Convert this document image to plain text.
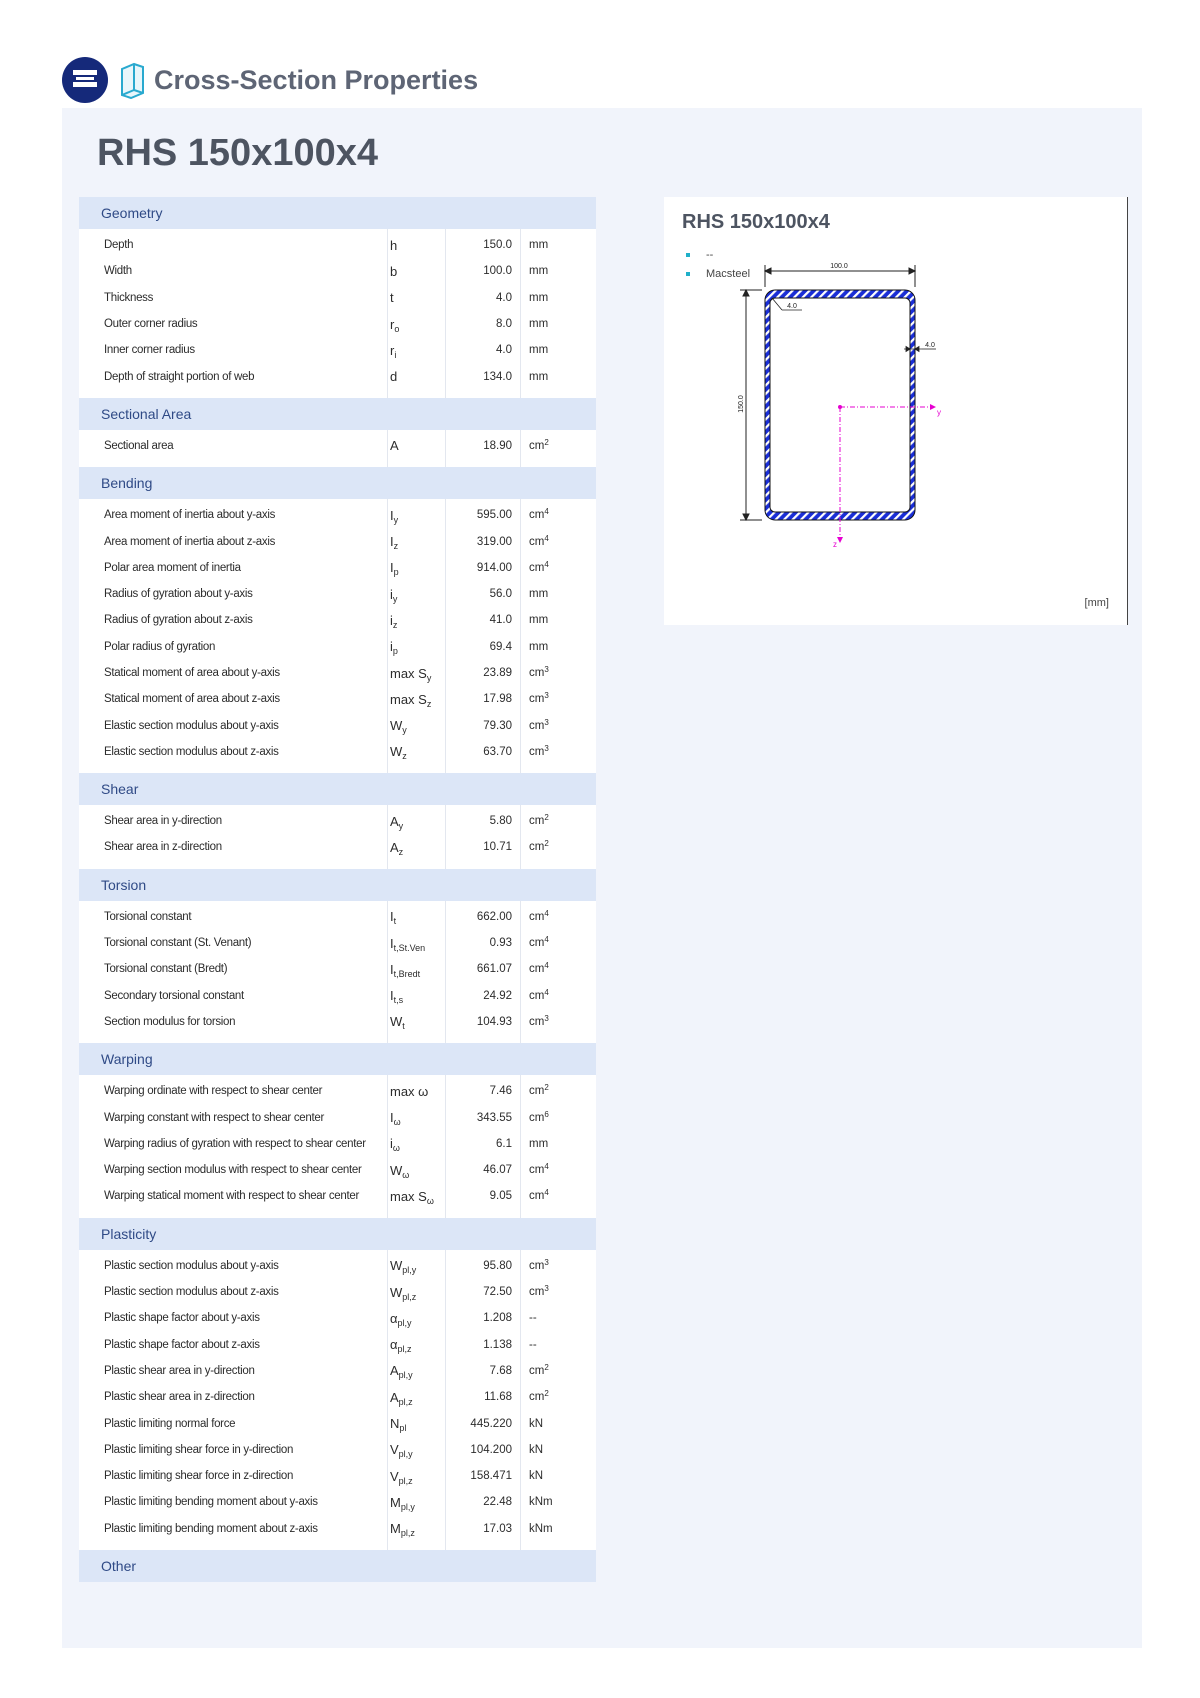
Cross-Section Properties
RHS 150x100x4
Geometry
Depth	h	150.0	mm
Width	b	100.0	mm
Thickness	t	4.0	mm
Outer corner radius	$r_o$	8.0	mm
Inner corner radius	$r_i$	4.0	mm
Depth of straight portion of web	d	134.0	mm
Sectional Area
Sectional area	A	18.90	$cm^2$
Bending
Area moment of inertia about y-axis	$I_y$	595.00	$cm^4$
Area moment of inertia about z-axis	$I_z$	319.00	$cm^4$
Polar area moment of inertia	$I_p$	914.00	$cm^4$
Radius of gyration about y-axis	$i_y$	56.0	mm
Radius of gyration about z-axis	$i_z$	41.0	mm
Polar radius of gyration	$i_p$	69.4	mm
Statical moment of area about y-axis	$\max S_y$	23.89	$cm^3$
Statical moment of area about z-axis	$\max S_z$	17.98	$cm^3$
Elastic section modulus about y-axis	$W_y$	79.30	$cm^3$
Elastic section modulus about z-axis	$W_z$	63.70	$cm^3$
Shear
Shear area in y-direction	$A_y$	5.80	$cm^2$
Shear area in z-direction	$A_z$	10.71	$cm^2$
Torsion
Torsional constant	$I_t$	662.00	$cm^4$
Torsional constant (St. Venant)	$I_{t,St.Ven}$	0.93	$cm^4$
Torsional constant (Bredt)	$I_{t,Bredt}$	661.07	$cm^4$
Secondary torsional constant	$I_{t,s}$	24.92	$cm^4$
Section modulus for torsion	$W_t$	104.93	$cm^3$
Warping
Warping ordinate with respect to shear center	max ω	7.46	$cm^2$
Warping constant with respect to shear center	$I_\omega$	343.55	$cm^6$
Warping radius of gyration with respect to shear center	$i_\omega$	6.1	mm
Warping section modulus with respect to shear center	$W_\omega$	46.07	$cm^4$
Warping statical moment with respect to shear center	$\max S_\omega$	9.05	$cm^4$
Plasticity
Plastic section modulus about y-axis	$W_{pl,y}$	95.80	$cm^3$
Plastic section modulus about z-axis	$W_{pl,z}$	72.50	$cm^3$
Plastic shape factor about y-axis	$\alpha_{pl,y}$	1.208	--
Plastic shape factor about z-axis	$\alpha_{pl,z}$	1.138	--
Plastic shear area in y-direction	$A_{pl,y}$	7.68	$cm^2$
Plastic shear area in z-direction	$A_{pl,z}$	11.68	$cm^2$
Plastic limiting normal force	$N_{pl}$	445.220	kN
Plastic limiting shear force in y-direction	$V_{pl,y}$	104.200	kN
Plastic limiting shear force in z-direction	$V_{pl,z}$	158.471	kN
Plastic limiting bending moment about y-axis	$M_{pl,y}$	22.48	kNm
Plastic limiting bending moment about z-axis	$M_{pl,z}$	17.03	kNm
Other
RHS 150x100x4
--
Macsteel
100.0
150.0
4.0
4.0
y
z
[mm]
